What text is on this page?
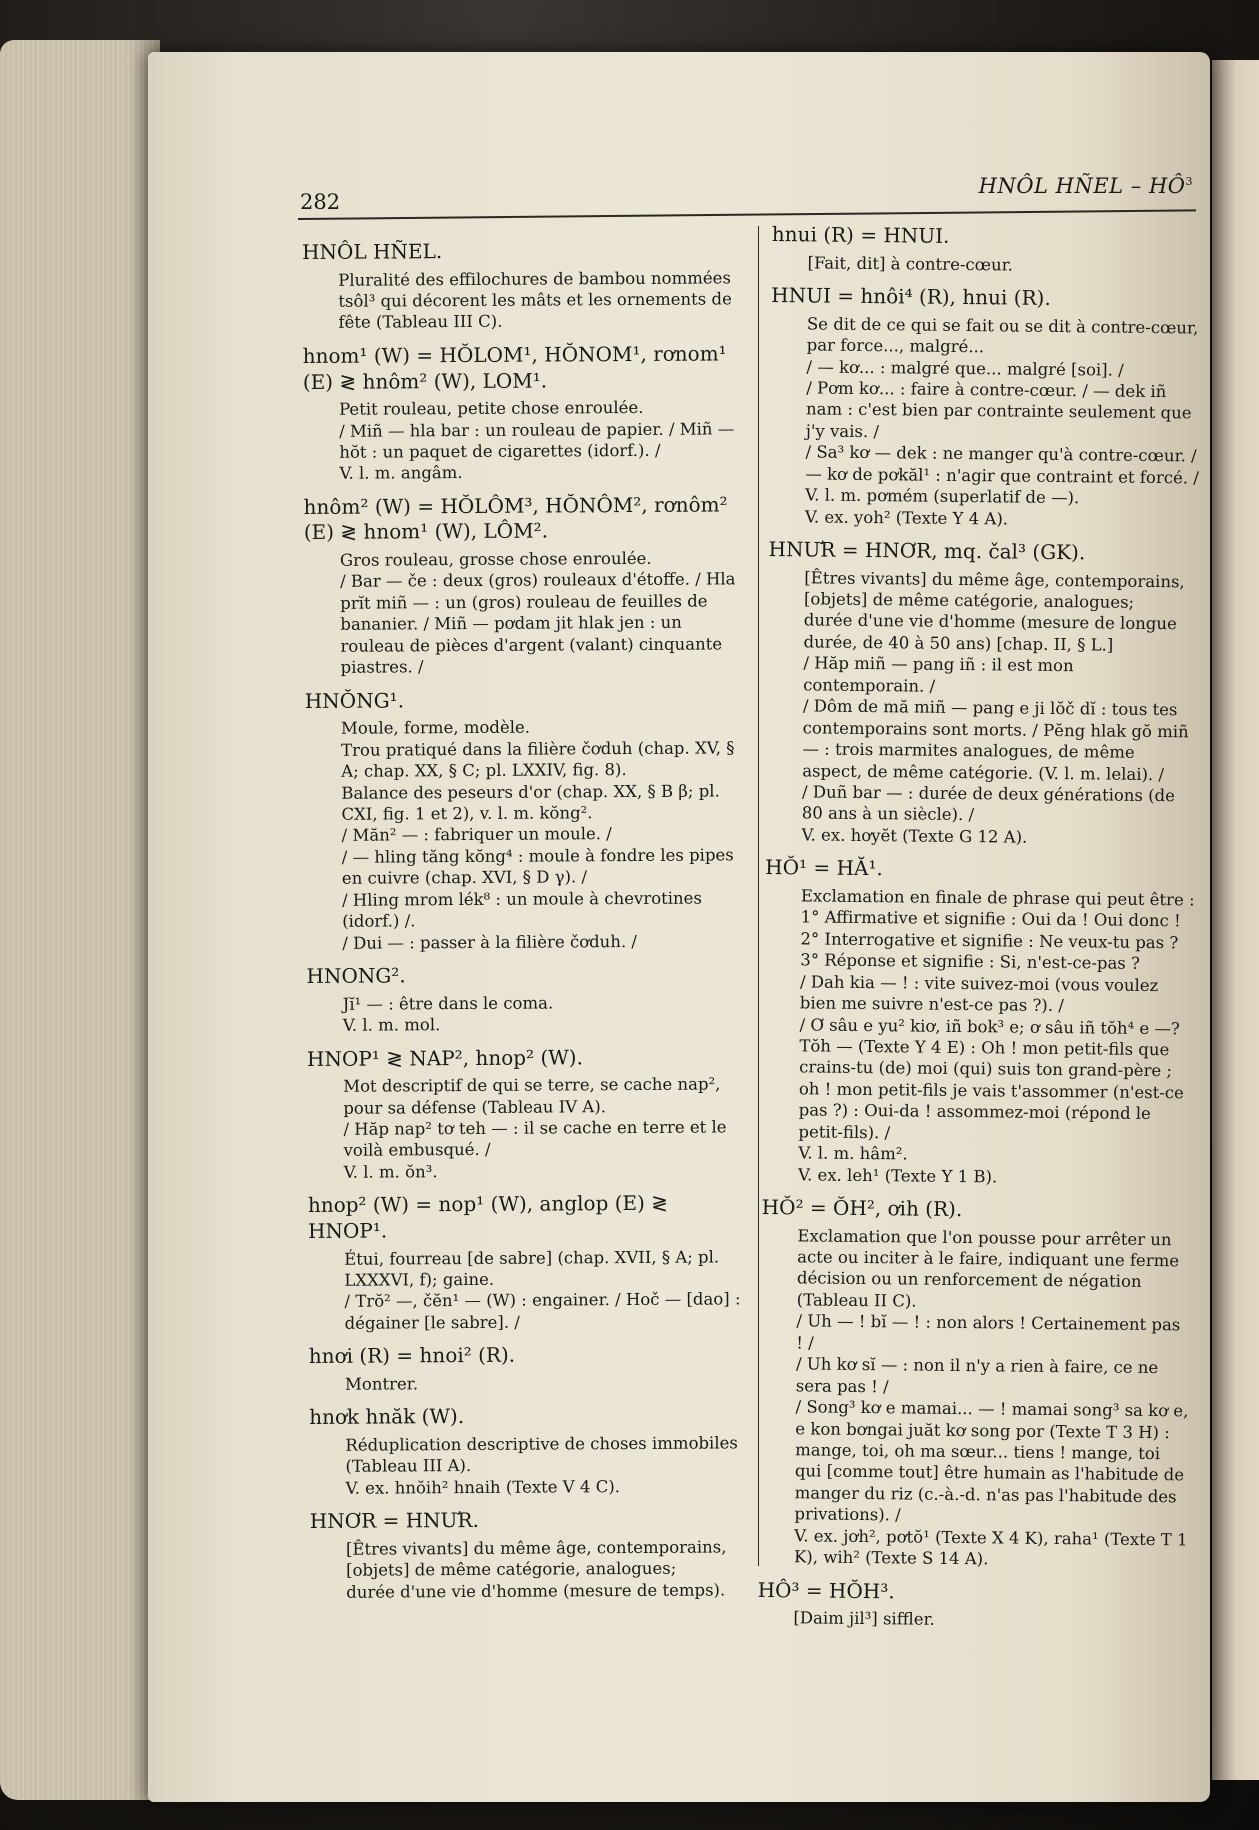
282
HNÔL HÑEL – $HÔ^3$
HNÔL HÑEL.
Pluralité des effilochures de bambou nommées tsôl³ qui décorent les mâts et les ornements de fête (Tableau III C).
hnom¹ (W) = HŎLOM¹, HŎNOM¹, rơnom¹ (E) ≷ hnôm² (W), LOM¹.
Petit rouleau, petite chose enroulée.
/ Miñ — hla bar : un rouleau de papier. / Miñ — hŏt : un paquet de cigarettes (idorf.). /
V. l. m. angâm.
hnôm² (W) = HŎLÔM³, HŎNÔM², rơnôm² (E) ≷ hnom¹ (W), LÔM².
Gros rouleau, grosse chose enroulée.
/ Bar — če : deux (gros) rouleaux d'étoffe. / Hla prĭt miñ — : un (gros) rouleau de feuilles de bananier. / Miñ — pơdam jit hlak jen : un rouleau de pièces d'argent (valant) cinquante piastres. /
HNŎNG¹.
Moule, forme, modèle.
Trou pratiqué dans la filière čơduh (chap. XV, § A; chap. XX, § C; pl. LXXIV, fig. 8).
Balance des peseurs d'or (chap. XX, § B β; pl. CXI, fig. 1 et 2), v. l. m. kŏng².
/ Măn² — : fabriquer un moule. /
/ — hling tăng kŏng⁴ : moule à fondre les pipes en cuivre (chap. XVI, § D γ). /
/ Hling mrom lék⁸ : un moule à chevrotines (idorf.) /.
/ Dui — : passer à la filière čơduh. /
HNONG².
Jĭ¹ — : être dans le coma.
V. l. m. mol.
HNOP¹ ≷ NAP², hnop² (W).
Mot descriptif de qui se terre, se cache nap², pour sa défense (Tableau IV A).
/ Hăp nap² tơ teh — : il se cache en terre et le voilà embusqué. /
V. l. m. ŏn³.
hnop² (W) = nop¹ (W), anglop (E) ≷ HNOP¹.
Étui, fourreau [de sabre] (chap. XVII, § A; pl. LXXXVI, f); gaine.
/ Trŏ² —, čĕn¹ — (W) : engainer. / Hoč — [dao] : dégainer [le sabre]. /
hnơi (R) = hnoi² (R).
Montrer.
hnơk hnăk (W).
Réduplication descriptive de choses immobiles (Tableau III A).
V. ex. hnŏih² hnaih (Texte V 4 C).
HNƠR = HNƯR.
[Êtres vivants] du même âge, contemporains, [objets] de même catégorie, analogues;
durée d'une vie d'homme (mesure de temps).
hnui (R) = HNUI.
[Fait, dit] à contre-cœur.
HNUI = hnôi⁴ (R), hnui (R).
Se dit de ce qui se fait ou se dit à contre-cœur, par force..., malgré...
/ — kơ... : malgré que... malgré [soi]. /
/ Pơm kơ... : faire à contre-cœur. / — dek iñ nam : c'est bien par contrainte seulement que j'y vais. /
/ Sa³ kơ — dek : ne manger qu'à contre-cœur. / — kơ de pơkăl¹ : n'agir que contraint et forcé. /
V. l. m. pơmém (superlatif de —).
V. ex. yoh² (Texte Y 4 A).
HNƯR = HNƠR, mq. čal³ (GK).
[Êtres vivants] du même âge, contemporains, [objets] de même catégorie, analogues;
durée d'une vie d'homme (mesure de longue durée, de 40 à 50 ans) [chap. II, § L.]
/ Hăp miñ — pang iñ : il est mon contemporain. /
/ Dôm de mă miñ — pang e ji lŏč dĭ : tous tes contemporains sont morts. / Pĕng hlak gŏ miñ — : trois marmites analogues, de même aspect, de même catégorie. (V. l. m. lelai). /
/ Duñ bar — : durée de deux générations (de 80 ans à un siècle). /
V. ex. hơyĕt (Texte G 12 A).
HŎ¹ = HĂ¹.
Exclamation en finale de phrase qui peut être :
1° Affirmative et signifie : Oui da ! Oui donc !
2° Interrogative et signifie : Ne veux-tu pas ?
3° Réponse et signifie : Si, n'est-ce-pas ?
/ Dah kia — ! : vite suivez-moi (vous voulez bien me suivre n'est-ce pas ?). /
/ Ơ sâu e yu² kiơ, iñ bok³ e; ơ sâu iñ tŏh⁴ e —? Tŏh — (Texte Y 4 E) : Oh ! mon petit-fils que crains-tu (de) moi (qui) suis ton grand-père ; oh ! mon petit-fils je vais t'assommer (n'est-ce pas ?) : Oui-da ! assommez-moi (répond le petit-fils). /
V. l. m. hâm².
V. ex. leh¹ (Texte Y 1 B).
HŎ² = ŎH², ơih (R).
Exclamation que l'on pousse pour arrêter un acte ou inciter à le faire, indiquant une ferme décision ou un renforcement de négation (Tableau II C).
/ Uh — ! bĭ — ! : non alors ! Certainement pas ! /
/ Uh kơ sĭ — : non il n'y a rien à faire, ce ne sera pas ! /
/ Song³ kơ e mamai... — ! mamai song³ sa kơ e, e kon bơngai juăt kơ song por (Texte T 3 H) : mange, toi, oh ma sœur... tiens ! mange, toi qui [comme tout] être humain as l'habitude de manger du riz (c.-à.-d. n'as pas l'habitude des privations). /
V. ex. jơh², pơtŏ¹ (Texte X 4 K), raha¹ (Texte T 1 K), wih² (Texte S 14 A).
HÔ³ = HŎH³.
[Daim jil³] siffler.
